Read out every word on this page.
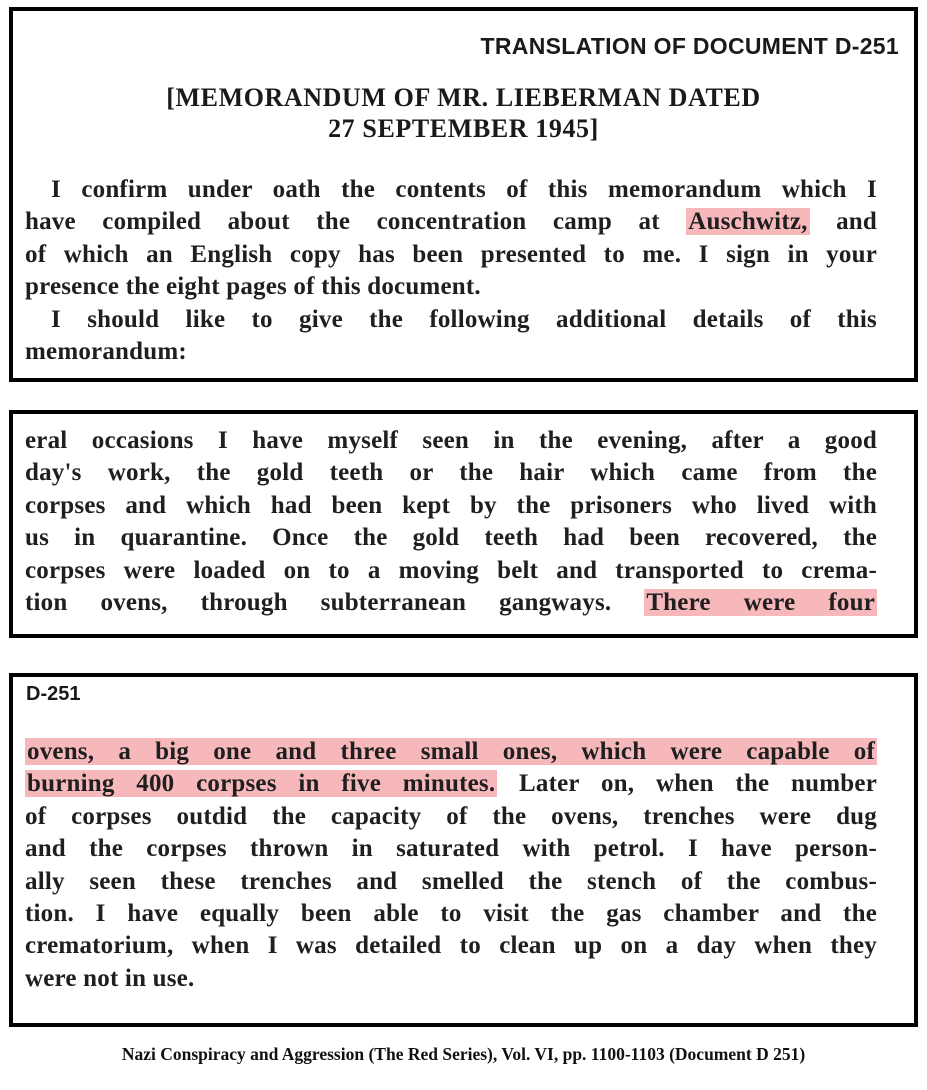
TRANSLATION OF DOCUMENT D-251

[MEMORANDUM OF MR. LIEBERMAN DATED
27 SEPTEMBER 1945]
I confirm under oath the contents of this memorandum which I
have compiled about the concentration camp at Auschwitz, and
of which an English copy has been presented to me. I sign in your
presence the eight pages of this document.
I should like to give the following additional details of this
memorandum:
eral occasions I have myself seen in the evening, after a good
day's work, the gold teeth or the hair which came from the
corpses and which had been kept by the prisoners who lived with
us in quarantine. Once the gold teeth had been recovered, the
corpses were loaded on to a moving belt and transported to crema-
tion ovens, through subterranean gangways. There were four

D-251

ovens, a big one and three small ones, which were capable of
burning 400 corpses in five minutes. Later on, when the number
of corpses outdid the capacity of the ovens, trenches were dug
and the corpses thrown in saturated with petrol. I have person-
ally seen these trenches and smelled the stench of the combus-
tion. I have equally been able to visit the gas chamber and the
crematorium, when I was detailed to clean up on a day when they
were not in use.

Nazi Conspiracy and Aggression (The Red Series), Vol. VI, pp. 1100-1103 (Document D 251)
